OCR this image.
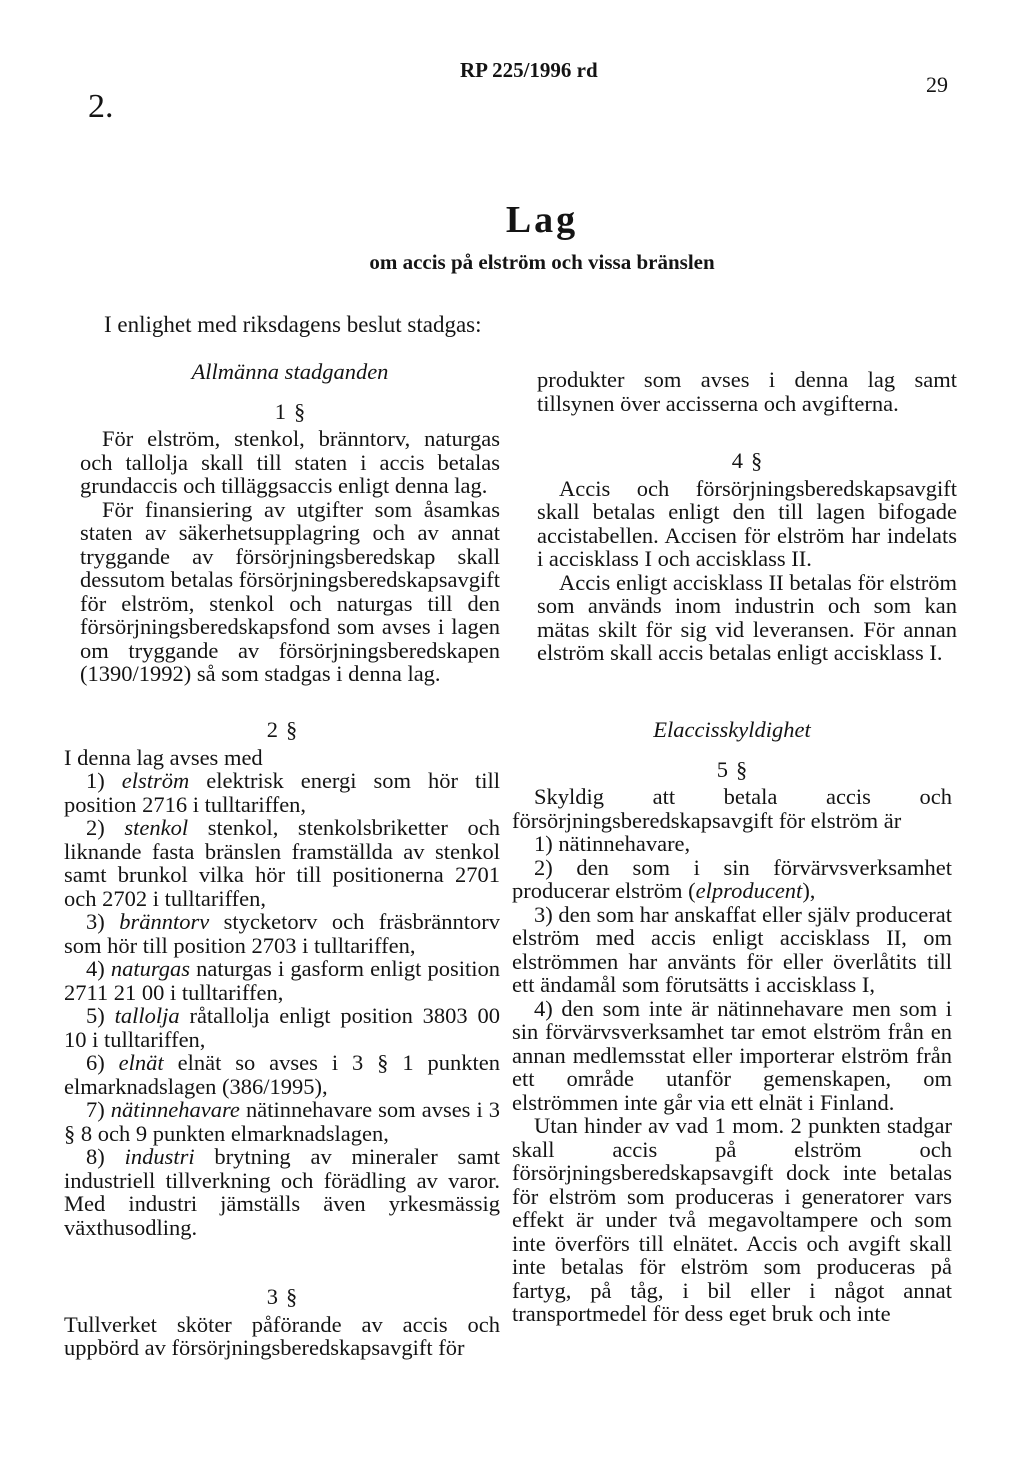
2.
RP 225/1996 rd
29
Lag
om accis på elström och vissa bränslen
I enlighet med riksdagens beslut stadgas:
Allmänna stadganden
1 §

För elström, stenkol, bränntorv, naturgas och tallolja skall till staten i accis betalas grundaccis och tilläggsaccis enligt denna lag.

För finansiering av utgifter som åsamkas staten av säkerhetsupplagring och av annat tryggande av försörjningsberedskap skall dessutom betalas försörjningsberedskapsavgift för elström, stenkol och naturgas till den försörjningsberedskapsfond som avses i lagen om tryggande av försörjningsberedskapen (1390/1992) så som stadgas i denna lag.

produkter som avses i denna lag samt tillsynen över accisserna och avgifterna.

4 §

Accis och försörjningsberedskapsavgift skall betalas enligt den till lagen bifogade accistabellen. Accisen för elström har indelats i accisklass I och accisklass II.

Accis enligt accisklass II betalas för elström som används inom industrin och som kan mätas skilt för sig vid leveransen. För annan elström skall accis betalas enligt accisklass I.

2 §

I denna lag avses med

1) elström elektrisk energi som hör till position 2716 i tulltariffen,

2) stenkol stenkol, stenkolsbriketter och liknande fasta bränslen framställda av stenkol samt brunkol vilka hör till positionerna 2701 och 2702 i tulltariffen,

3) bränntorv stycketorv och fräsbränntorv som hör till position 2703 i tulltariffen,

4) naturgas naturgas i gasform enligt position 2711 21 00 i tulltariffen,

5) tallolja råtallolja enligt position 3803 00 10 i tulltariffen,

6) elnät elnät so avses i 3 § 1 punkten elmarknadslagen (386/1995),

7) nätinnehavare nätinnehavare som avses i 3 § 8 och 9 punkten elmarknadslagen,

8) industri brytning av mineraler samt industriell tillverkning och förädling av varor. Med industri jämställs även yrkesmässig växthusodling.

3 §

Tullverket sköter påförande av accis och uppbörd av försörjningsberedskapsavgift för

Elaccisskyldighet
5 §

Skyldig att betala accis och försörjningsberedskapsavgift för elström är

1) nätinnehavare,

2) den som i sin förvärvsverksamhet producerar elström (elproducent),

3) den som har anskaffat eller själv producerat elström med accis enligt accisklass II, om elströmmen har använts för eller överlåtits till ett ändamål som förutsätts i accisklass I,

4) den som inte är nätinnehavare men som i sin förvärvsverksamhet tar emot elström från en annan medlemsstat eller importerar elström från ett område utanför gemenskapen, om elströmmen inte går via ett elnät i Finland.

Utan hinder av vad 1 mom. 2 punkten stadgar skall accis på elström och försörjningsberedskapsavgift dock inte betalas för elström som produceras i generatorer vars effekt är under två megavoltampere och som inte överförs till elnätet. Accis och avgift skall inte betalas för elström som produceras på fartyg, på tåg, i bil eller i något annat transportmedel för dess eget bruk och inte
